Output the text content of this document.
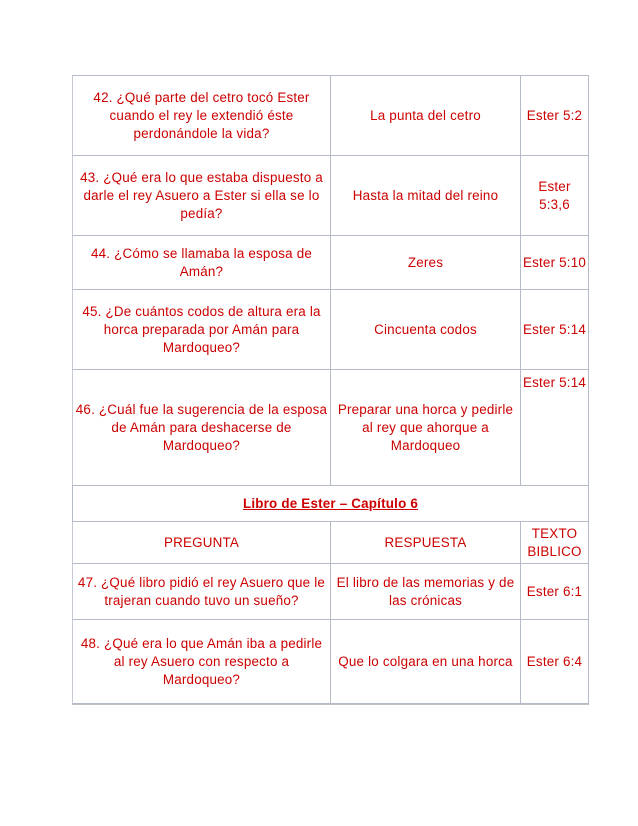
42. ¿Qué parte del cetro tocó Ester cuando el rey le extendió éste perdonándole la vida?	La punta del cetro	Ester 5:2
43. ¿Qué era lo que estaba dispuesto a darle el rey Asuero a Ester si ella se lo pedía?	Hasta la mitad del reino	Ester 5:3,6
44. ¿Cómo se llamaba la esposa de Amán?	Zeres	Ester 5:10
45. ¿De cuántos codos de altura era la horca preparada por Amán para Mardoqueo?	Cincuenta codos	Ester 5:14
46. ¿Cuál fue la sugerencia de la esposa de Amán para deshacerse de Mardoqueo?	Preparar una horca y pedirle al rey que ahorque a Mardoqueo	Ester 5:14
Libro de Ester – Capítulo 6		
PREGUNTA	RESPUESTA	TEXTO BIBLICO
47. ¿Qué libro pidió el rey Asuero que le trajeran cuando tuvo un sueño?	El libro de las memorias y de las crónicas	Ester 6:1
48. ¿Qué era lo que Amán iba a pedirle al rey Asuero con respecto a Mardoqueo?	Que lo colgara en una horca	Ester 6:4
